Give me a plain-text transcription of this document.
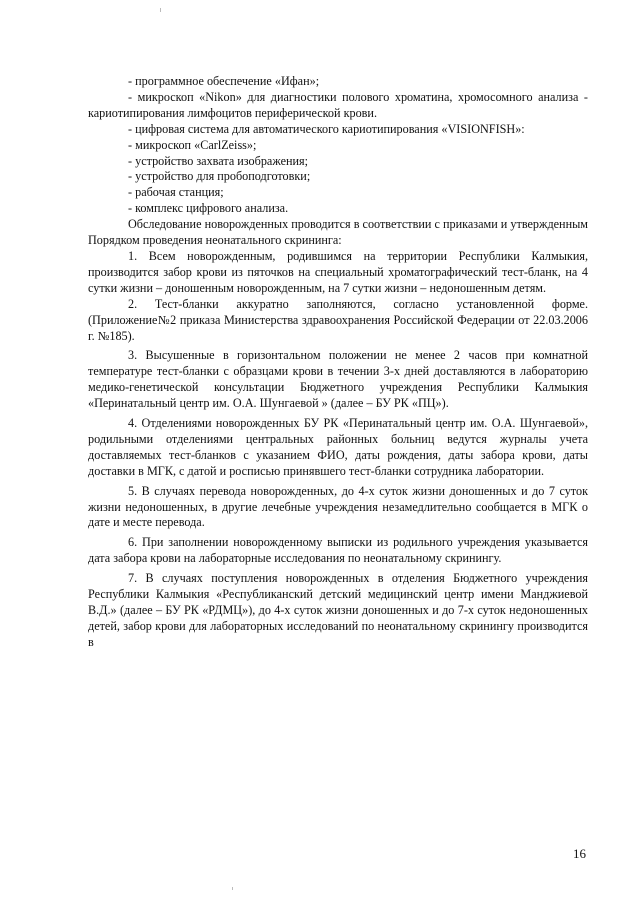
- программное обеспечение «Ифан»;

- микроскоп «Nikon» для диагностики полового хроматина, хромосомного анализа - кариотипирования лимфоцитов периферической крови.

- цифровая система для автоматического кариотипирования «VISIONFISH»:

- микроскоп «CarlZeiss»;

- устройство захвата изображения;

- устройство для пробоподготовки;

- рабочая станция;

- комплекс цифрового анализа.

Обследование новорожденных проводится в соответствии с приказами и утвержденным Порядком проведения неонатального скрининга:

1. Всем новорожденным, родившимся на территории Республики Калмыкия, производится забор крови из пяточков на специальный хроматографический тест-бланк, на 4 сутки жизни – доношенным новорожденным, на 7 сутки жизни – недоношенным детям.

2. Тест-бланки аккуратно заполняются, согласно установленной форме. (Приложение№2 приказа Министерства здравоохранения Российской Федерации от 22.03.2006 г. №185).

3. Высушенные в горизонтальном положении не менее 2 часов при комнатной температуре тест-бланки с образцами крови в течении 3-х дней доставляются в лабораторию медико-генетической консультации Бюджетного учреждения Республики Калмыкия «Перинатальный центр им. О.А. Шунгаевой » (далее – БУ РК «ПЦ»).

4. Отделениями новорожденных БУ РК «Перинатальный центр им. О.А. Шунгаевой», родильными отделениями центральных районных больниц ведутся журналы учета доставляемых тест-бланков с указанием ФИО, даты рождения, даты забора крови, даты доставки в МГК, с датой и росписью принявшего тест-бланки сотрудника лаборатории.

5. В случаях перевода новорожденных, до 4-х суток жизни доношенных и до 7 суток жизни недоношенных, в другие лечебные учреждения незамедлительно сообщается в МГК о дате и месте перевода.

6. При заполнении новорожденному выписки из родильного учреждения указывается дата забора крови на лабораторные исследования по неонатальному скринингу.

7. В случаях поступления новорожденных в отделения Бюджетного учреждения Республики Калмыкия «Республиканский детский медицинский центр имени Манджиевой В.Д.» (далее – БУ РК «РДМЦ»), до 4-х суток жизни доношенных и до 7-х суток недоношенных детей, забор крови для лабораторных исследований по неонатальному скринингу производится в

16
